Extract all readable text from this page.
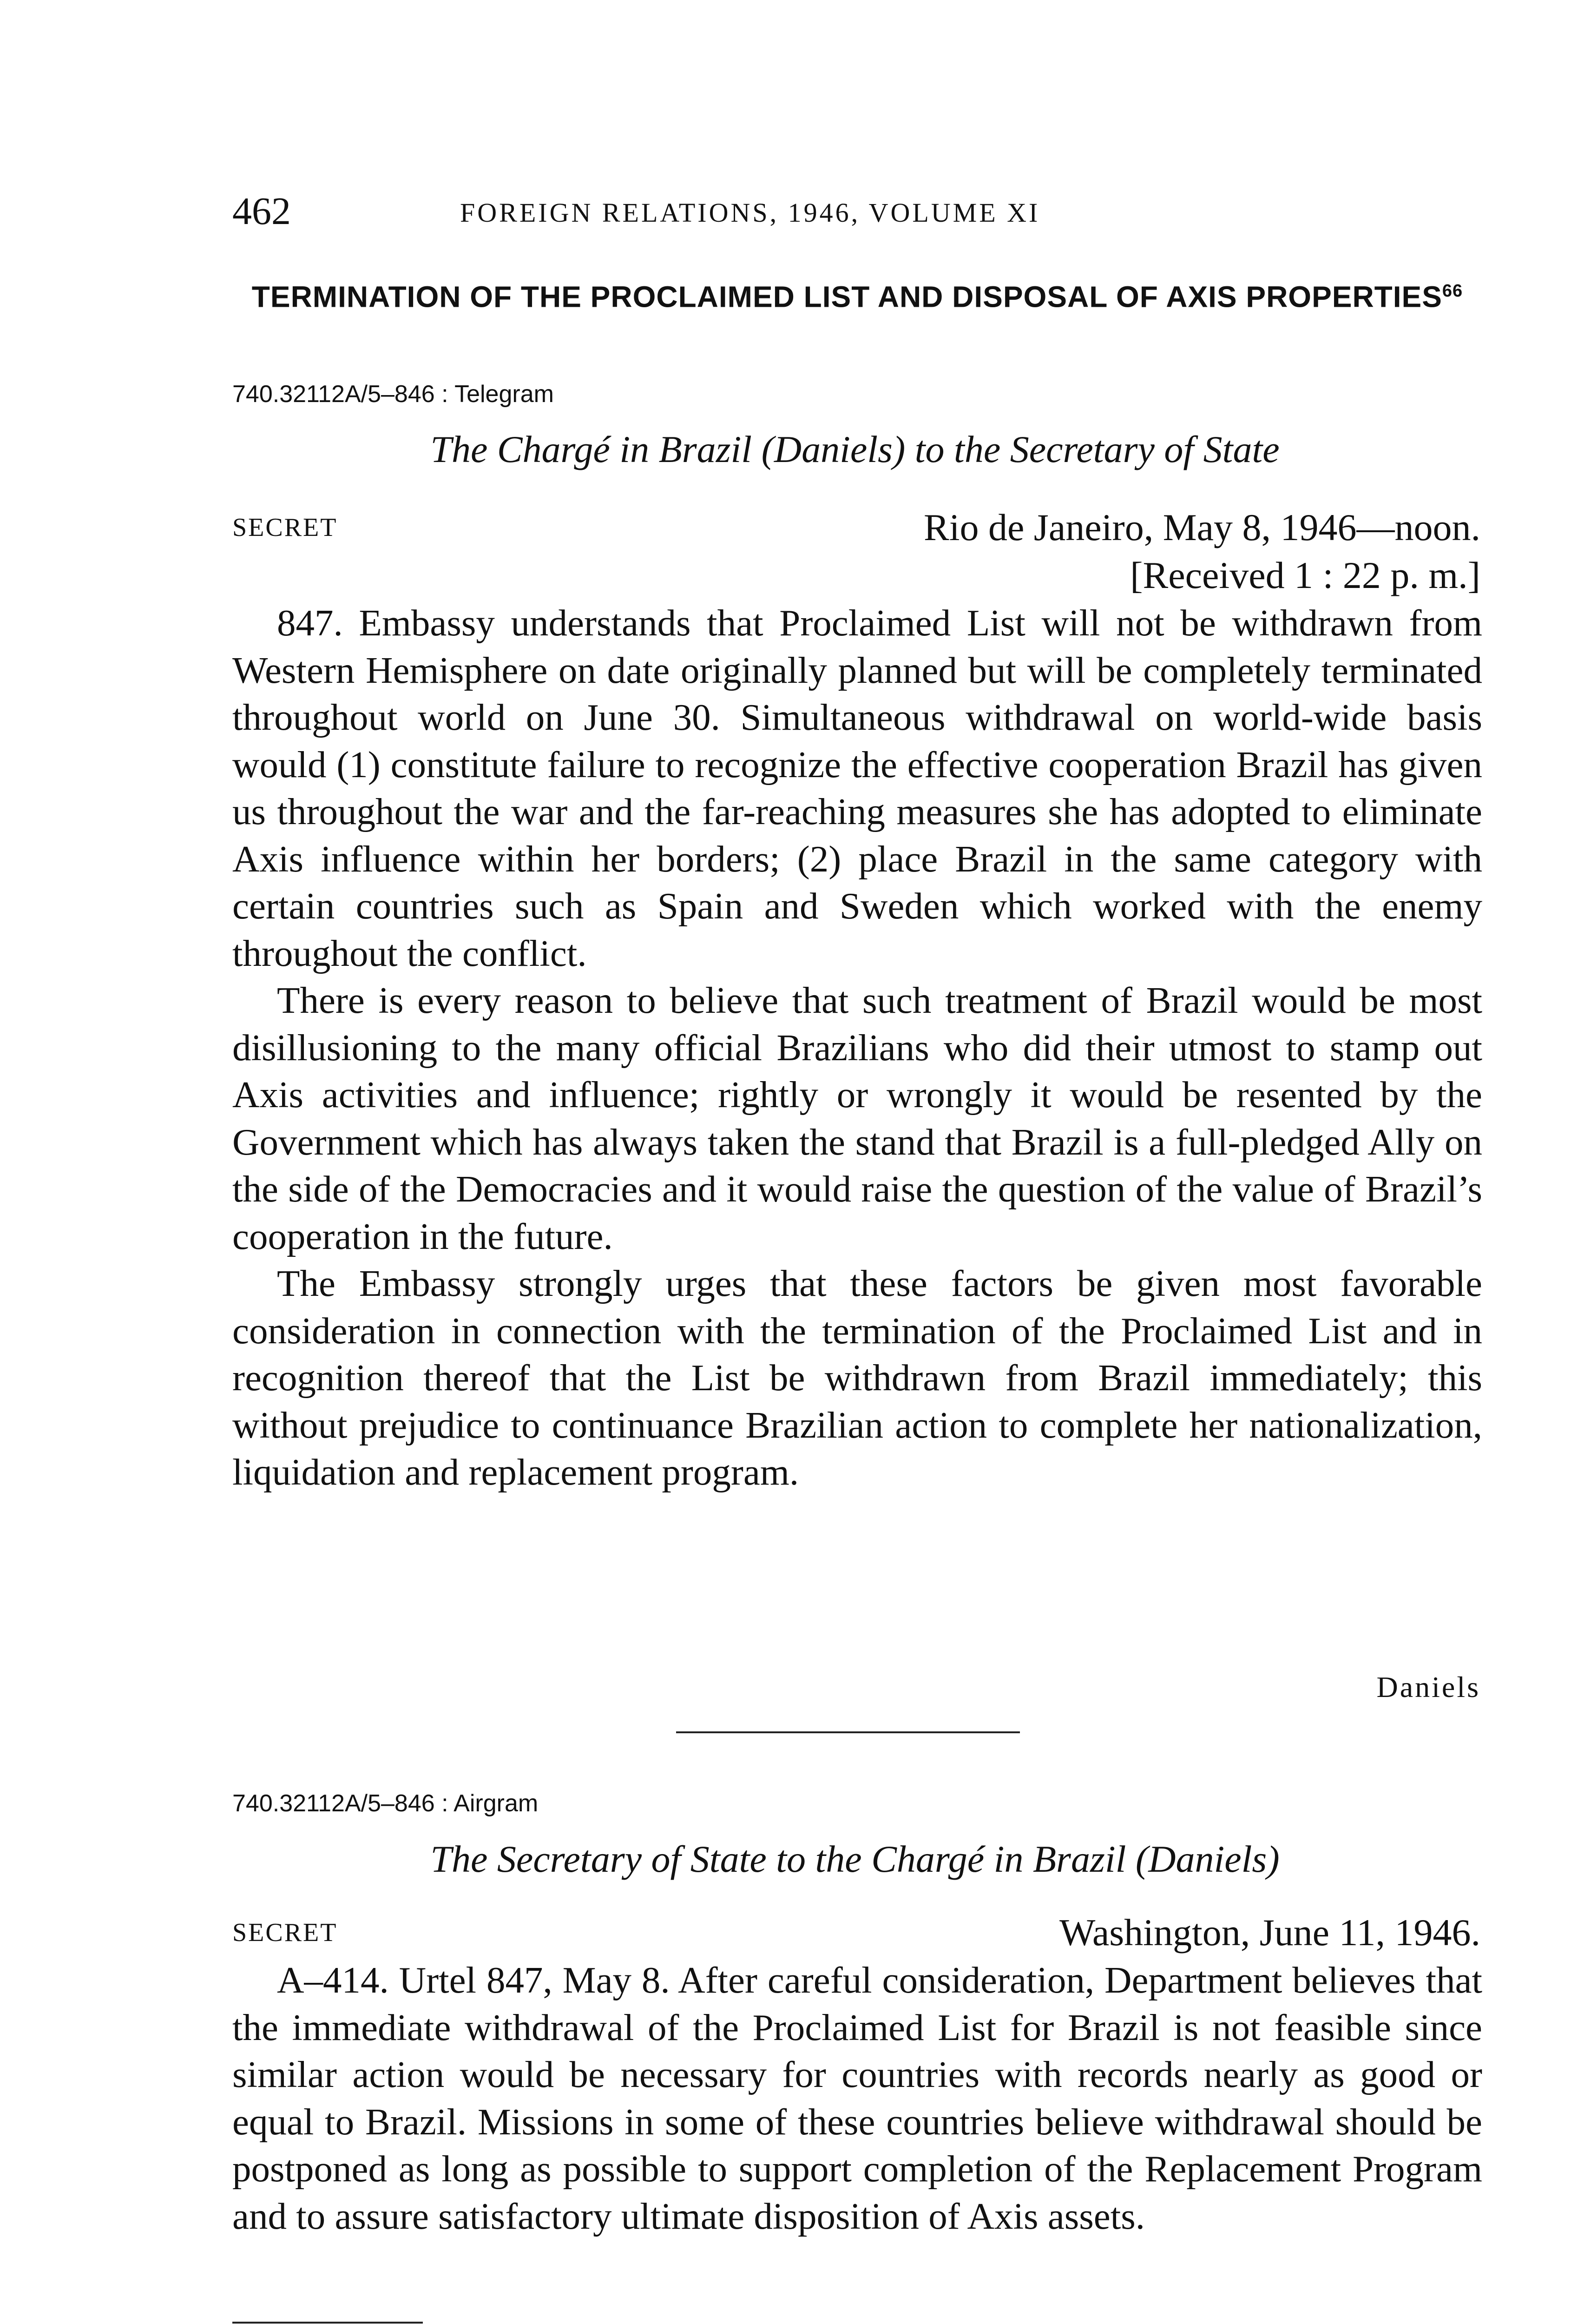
462	FOREIGN RELATIONS, 1946, VOLUME XI
TERMINATION OF THE PROCLAIMED LIST AND DISPOSAL OF AXIS PROPERTIES$^{66}$
740.32112A/5–846 : Telegram
The Chargé in Brazil (Daniels) to the Secretary of State
SECRET	Rio de Janeiro, May 8, 1946—noon.
[Received 1 : 22 p. m.]

847. Embassy understands that Proclaimed List will not be withdrawn from Western Hemisphere on date originally planned but will be completely terminated throughout world on June 30. Simultaneous withdrawal on world-wide basis would (1) constitute failure to recognize the effective cooperation Brazil has given us throughout the war and the far-reaching measures she has adopted to eliminate Axis influence within her borders; (2) place Brazil in the same category with certain countries such as Spain and Sweden which worked with the enemy throughout the conflict.

There is every reason to believe that such treatment of Brazil would be most disillusioning to the many official Brazilians who did their utmost to stamp out Axis activities and influence; rightly or wrongly it would be resented by the Government which has always taken the stand that Brazil is a full-pledged Ally on the side of the Democracies and it would raise the question of the value of Brazil’s cooperation in the future.

The Embassy strongly urges that these factors be given most favorable consideration in connection with the termination of the Proclaimed List and in recognition thereof that the List be withdrawn from Brazil immediately; this without prejudice to continuance Brazilian action to complete her nationalization, liquidation and replacement program.

Daniels
740.32112A/5–846 : Airgram
The Secretary of State to the Chargé in Brazil (Daniels)
SECRET	Washington, June 11, 1946.

A–414. Urtel 847, May 8. After careful consideration, Department believes that the immediate withdrawal of the Proclaimed List for Brazil is not feasible since similar action would be necessary for countries with records nearly as good or equal to Brazil. Missions in some of these countries believe withdrawal should be postponed as long as possible to support completion of the Replacement Program and to assure satisfactory ultimate disposition of Axis assets.
